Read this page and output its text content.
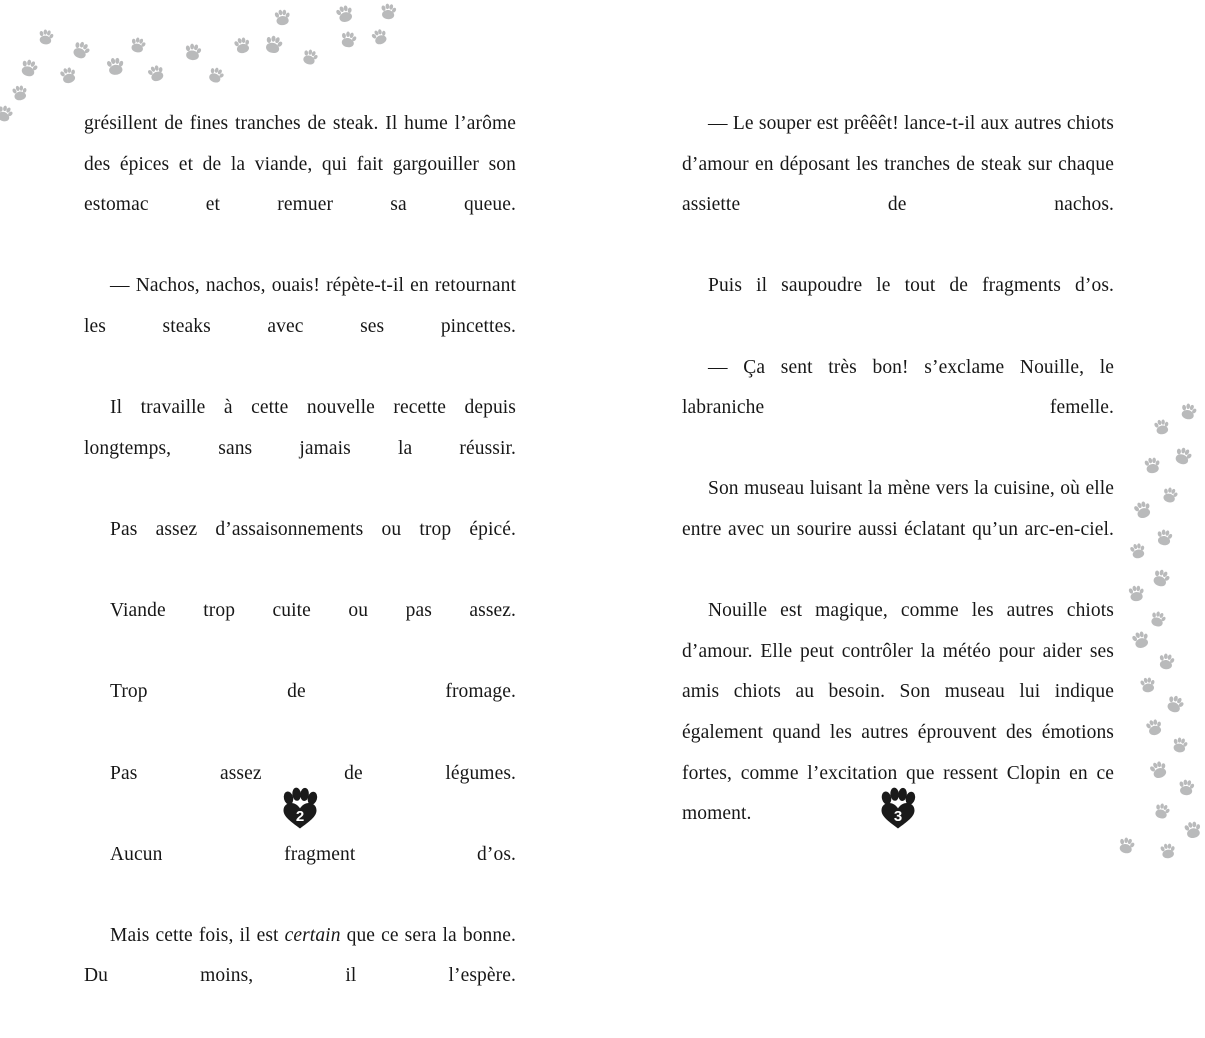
grésillent de fines tranches de steak. Il hume l’arôme des épices et de la viande, qui fait gargouiller son estomac et remuer sa queue.

— Nachos, nachos, ouais! répète-t-il en retournant les steaks avec ses pincettes.

Il travaille à cette nouvelle recette depuis longtemps, sans jamais la réussir.

Pas assez d’assaisonnements ou trop épicé.

Viande trop cuite ou pas assez.

Trop de fromage.

Pas assez de légumes.

Aucun fragment d’os.

Mais cette fois, il est certain que ce sera la bonne. Du moins, il l’espère.

— Le souper est prêêêt! lance-t-il aux autres chiots d’amour en déposant les tranches de steak sur chaque assiette de nachos.

Puis il saupoudre le tout de fragments d’os.

— Ça sent très bon! s’exclame Nouille, le labraniche femelle.

Son museau luisant la mène vers la cuisine, où elle entre avec un sourire aussi éclatant qu’un arc-en-ciel.

Nouille est magique, comme les autres chiots d’amour. Elle peut contrôler la météo pour aider ses amis chiots au besoin. Son museau lui indique également quand les autres éprouvent des émotions fortes, comme l’excitation que ressent Clopin en ce moment.

2	3
